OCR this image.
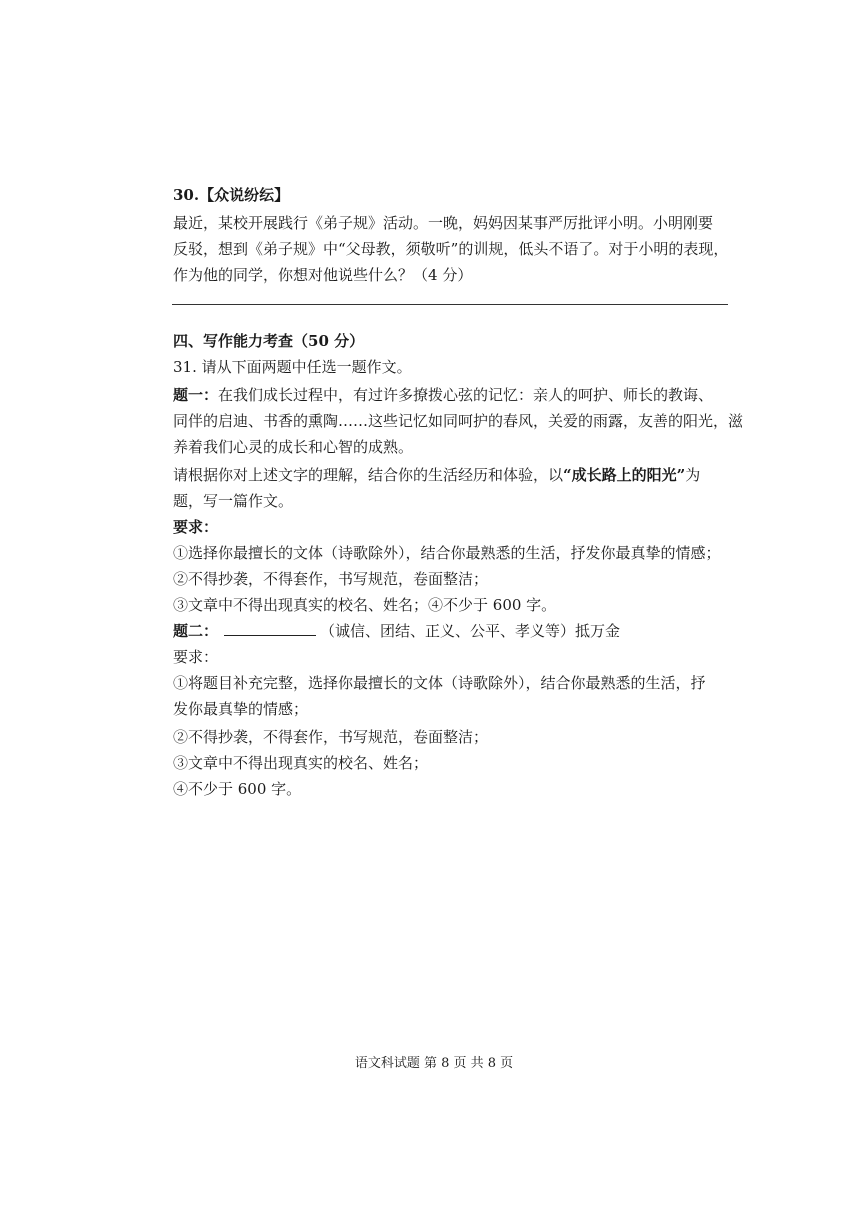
30.【众说纷纭】
最近，某校开展践行《弟子规》活动。一晚，妈妈因某事严厉批评小明。小明刚要
反驳，想到《弟子规》中“父母教，须敬听”的训规，低头不语了。对于小明的表现，
作为他的同学，你想对他说些什么？（4 分）
四、写作能力考查（50 分）
31. 请从下面两题中任选一题作文。
题一：在我们成长过程中，有过许多撩拨心弦的记忆：亲人的呵护、师长的教诲、
同伴的启迪、书香的熏陶……这些记忆如同呵护的春风，关爱的雨露，友善的阳光，滋
养着我们心灵的成长和心智的成熟。
请根据你对上述文字的理解，结合你的生活经历和体验，以“成长路上的阳光”为
题，写一篇作文。
要求：
①选择你最擅长的文体（诗歌除外），结合你最熟悉的生活，抒发你最真挚的情感；
②不得抄袭，不得套作，书写规范，卷面整洁；
③文章中不得出现真实的校名、姓名；④不少于 600 字。
题二：	（诚信、团结、正义、公平、孝义等）抵万金
要求：
①将题目补充完整，选择你最擅长的文体（诗歌除外），结合你最熟悉的生活，抒
发你最真挚的情感；
②不得抄袭，不得套作，书写规范，卷面整洁；
③文章中不得出现真实的校名、姓名；
④不少于 600 字。
语文科试题 第 8 页 共 8 页
